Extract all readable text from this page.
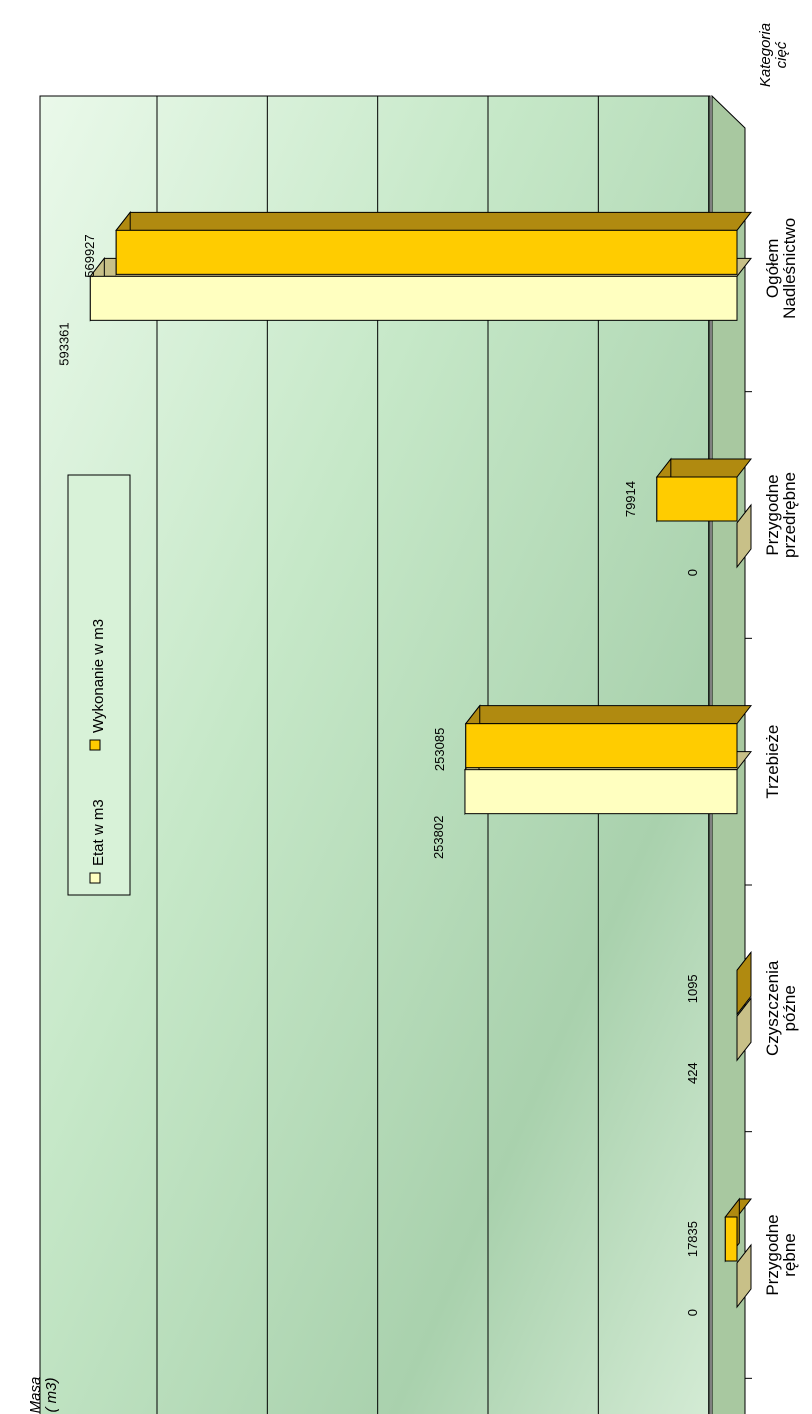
0
17835	Przygodnerębne
424
1095	Czyszczeniapóźne
253802
253085	Trzebieże
0
79914	Przygodneprzedrębne
593361
569927	OgółemNadleśnictwo
Masa( m3)
Kategoriacięć
Etat w m3
Wykonanie w m3
